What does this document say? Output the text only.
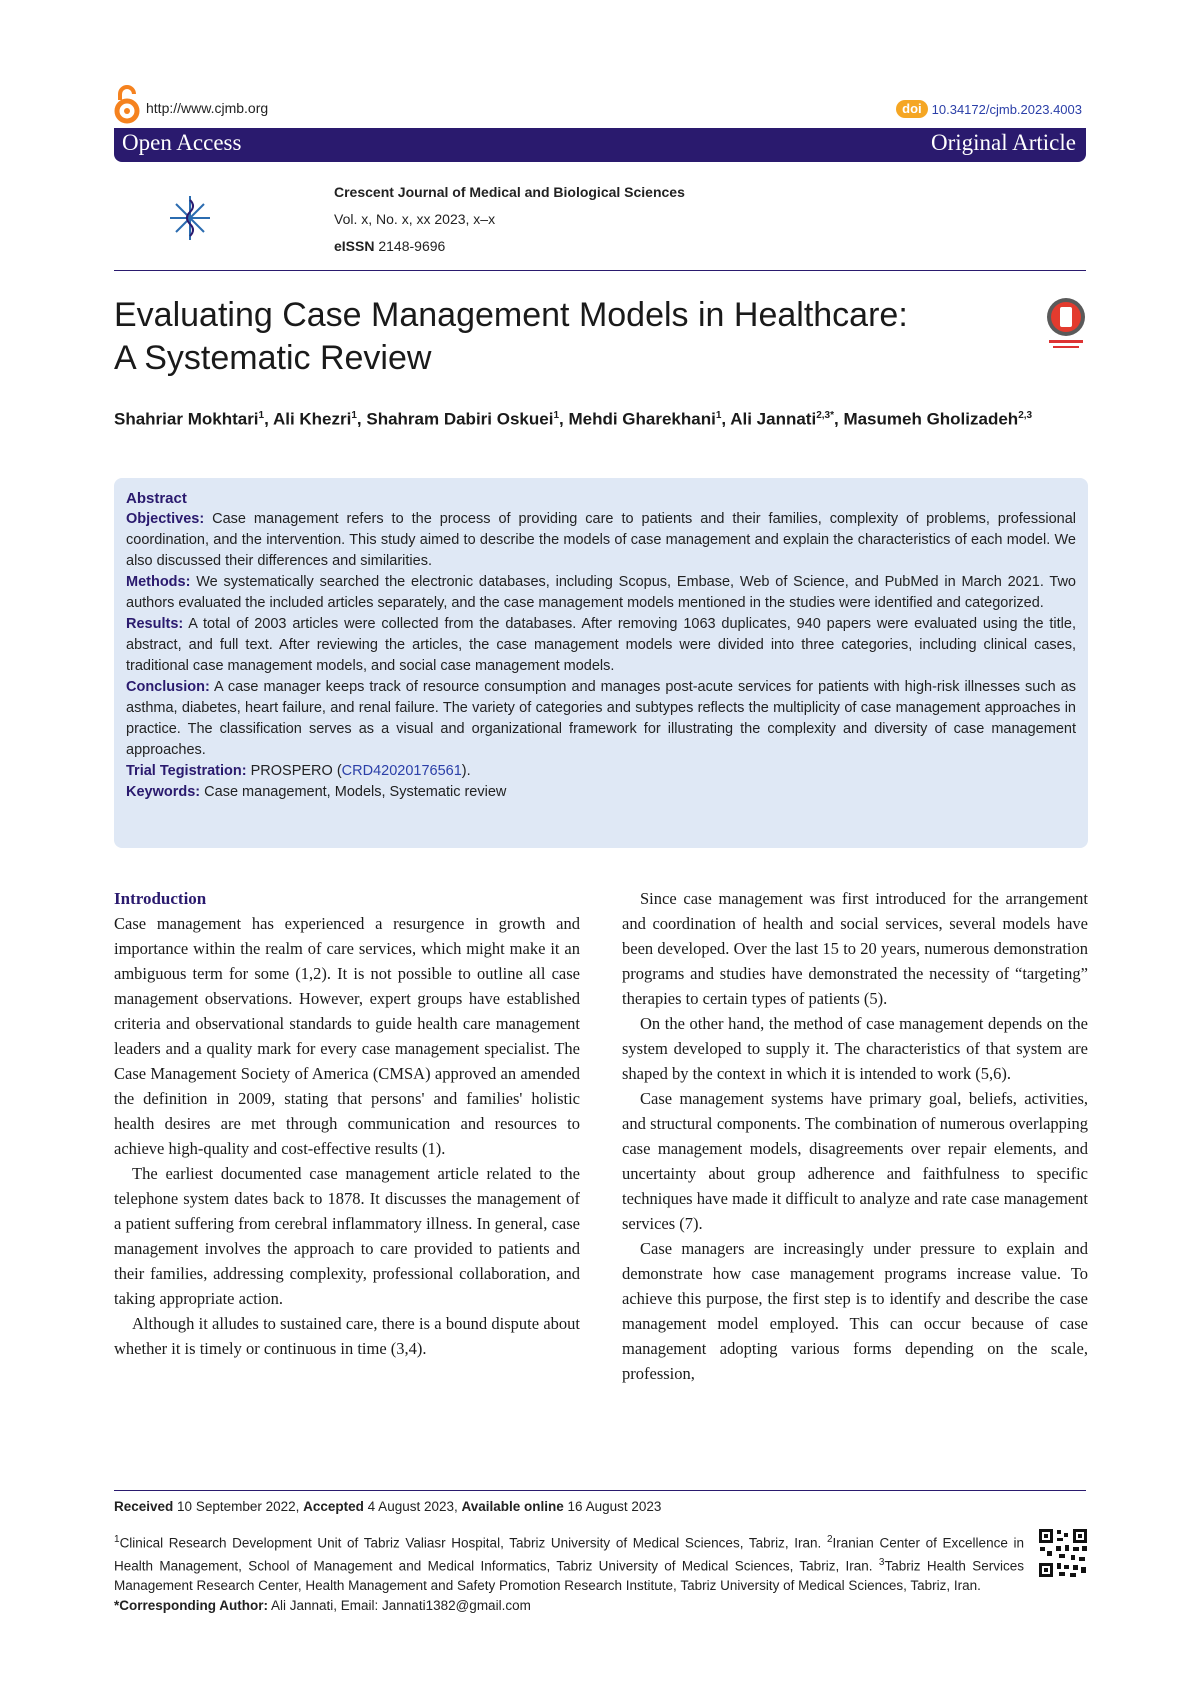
http://www.cjmb.org	doi 10.34172/cjmb.2023.4003
Open Access	Original Article
Crescent Journal of Medical and Biological Sciences
Vol. x, No. x, xx 2023, x–x
eISSN 2148-9696
Evaluating Case Management Models in Healthcare:
A Systematic Review
Shahriar Mokhtari$^1$, Ali Khezri$^1$, Shahram Dabiri Oskuei$^1$, Mehdi Gharekhani$^1$, Ali Jannati$^{2,3*}$, Masumeh Gholizadeh$^{2,3}$
Abstract

Objectives: Case management refers to the process of providing care to patients and their families, complexity of problems, professional coordination, and the intervention. This study aimed to describe the models of case management and explain the characteristics of each model. We also discussed their differences and similarities.

Methods: We systematically searched the electronic databases, including Scopus, Embase, Web of Science, and PubMed in March 2021. Two authors evaluated the included articles separately, and the case management models mentioned in the studies were identified and categorized.

Results: A total of 2003 articles were collected from the databases. After removing 1063 duplicates, 940 papers were evaluated using the title, abstract, and full text. After reviewing the articles, the case management models were divided into three categories, including clinical cases, traditional case management models, and social case management models.

Conclusion: A case manager keeps track of resource consumption and manages post-acute services for patients with high-risk illnesses such as asthma, diabetes, heart failure, and renal failure. The variety of categories and subtypes reflects the multiplicity of case management approaches in practice. The classification serves as a visual and organizational framework for illustrating the complexity and diversity of case management approaches.

Trial Tegistration: PROSPERO (CRD42020176561).

Keywords: Case management, Models, Systematic review

Introduction

Case management has experienced a resurgence in growth and importance within the realm of care services, which might make it an ambiguous term for some (1,2). It is not possible to outline all case management observations. However, expert groups have established criteria and observational standards to guide health care management leaders and a quality mark for every case management specialist. The Case Management Society of America (CMSA) approved an amended the definition in 2009, stating that persons' and families' holistic health desires are met through communication and resources to achieve high-quality and cost-effective results (1).

The earliest documented case management article related to the telephone system dates back to 1878. It discusses the management of a patient suffering from cerebral inflammatory illness. In general, case management involves the approach to care provided to patients and their families, addressing complexity, professional collaboration, and taking appropriate action.

Although it alludes to sustained care, there is a bound dispute about whether it is timely or continuous in time (3,4).

Since case management was first introduced for the arrangement and coordination of health and social services, several models have been developed. Over the last 15 to 20 years, numerous demonstration programs and studies have demonstrated the necessity of “targeting” therapies to certain types of patients (5).

On the other hand, the method of case management depends on the system developed to supply it. The characteristics of that system are shaped by the context in which it is intended to work (5,6).

Case management systems have primary goal, beliefs, activities, and structural components. The combination of numerous overlapping case management models, disagreements over repair elements, and uncertainty about group adherence and faithfulness to specific techniques have made it difficult to analyze and rate case management services (7).

Case managers are increasingly under pressure to explain and demonstrate how case management programs increase value. To achieve this purpose, the first step is to identify and describe the case management model employed. This can occur because of case management adopting various forms depending on the scale, profession,

Received 10 September 2022, Accepted 4 August 2023, Available online 16 August 2023

$^1$Clinical Research Development Unit of Tabriz Valiasr Hospital, Tabriz University of Medical Sciences, Tabriz, Iran. $^2$Iranian Center of Excellence in Health Management, School of Management and Medical Informatics, Tabriz University of Medical Sciences, Tabriz, Iran. $^3$Tabriz Health Services Management Research Center, Health Management and Safety Promotion Research Institute, Tabriz University of Medical Sciences, Tabriz, Iran.

*Corresponding Author: Ali Jannati, Email: Jannati1382@gmail.com
